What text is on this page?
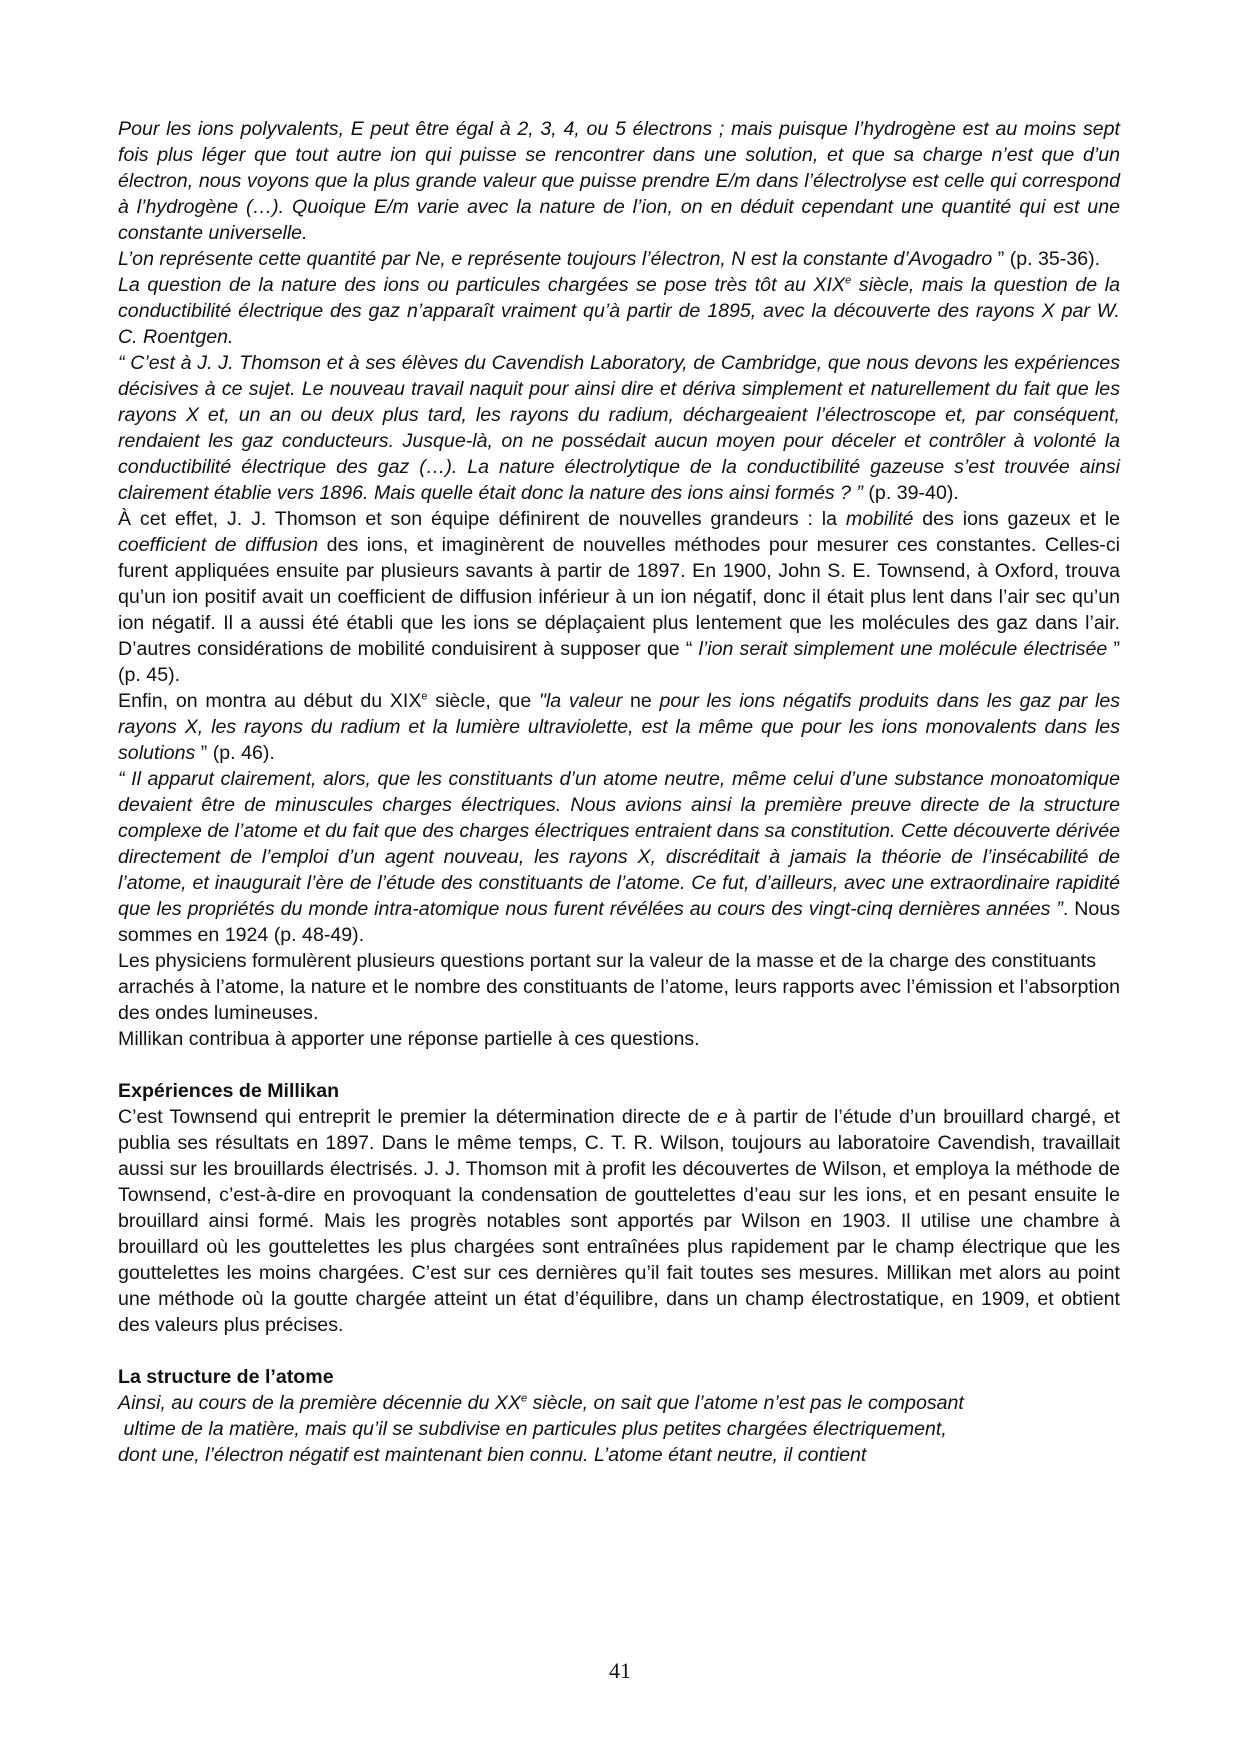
Pour les ions polyvalents, E peut être égal à 2, 3, 4, ou 5 électrons ; mais puisque l’hydrogène est au moins sept fois plus léger que tout autre ion qui puisse se rencontrer dans une solution, et que sa charge n’est que d’un électron, nous voyons que la plus grande valeur que puisse prendre E/m dans l’électrolyse est celle qui correspond à l’hydrogène (…). Quoique E/m varie avec la nature de l’ion, on en déduit cependant une quantité qui est une constante universelle.

L’on représente cette quantité par Ne, e représente toujours l’électron, N est la constante d’Avogadro ” (p. 35-36).

La question de la nature des ions ou particules chargées se pose très tôt au XIXe siècle, mais la question de la conductibilité électrique des gaz n’apparaît vraiment qu’à partir de 1895, avec la découverte des rayons X par W. C. Roentgen.

“ C’est à J. J. Thomson et à ses élèves du Cavendish Laboratory, de Cambridge, que nous devons les expériences décisives à ce sujet. Le nouveau travail naquit pour ainsi dire et dériva simplement et naturellement du fait que les rayons X et, un an ou deux plus tard, les rayons du radium, déchargeaient l’électroscope et, par conséquent, rendaient les gaz conducteurs. Jusque-là, on ne possédait aucun moyen pour déceler et contrôler à volonté la conductibilité électrique des gaz (…). La nature électrolytique de la conductibilité gazeuse s’est trouvée ainsi clairement établie vers 1896. Mais quelle était donc la nature des ions ainsi formés ? ” (p. 39-40).

À cet effet, J. J. Thomson et son équipe définirent de nouvelles grandeurs : la mobilité des ions gazeux et le coefficient de diffusion des ions, et imaginèrent de nouvelles méthodes pour mesurer ces constantes. Celles-ci furent appliquées ensuite par plusieurs savants à partir de 1897. En 1900, John S. E. Townsend, à Oxford, trouva qu’un ion positif avait un coefficient de diffusion inférieur à un ion négatif, donc il était plus lent dans l’air sec qu’un ion négatif. Il a aussi été établi que les ions se déplaçaient plus lentement que les molécules des gaz dans l’air. D’autres considérations de mobilité conduisirent à supposer que “ l’ion serait simplement une molécule électrisée ” (p. 45).

Enfin, on montra au début du XIXe siècle, que "la valeur ne pour les ions négatifs produits dans les gaz par les rayons X, les rayons du radium et la lumière ultraviolette, est la même que pour les ions monovalents dans les solutions ” (p. 46).

“ Il apparut clairement, alors, que les constituants d’un atome neutre, même celui d’une substance monoatomique devaient être de minuscules charges électriques. Nous avions ainsi la première preuve directe de la structure complexe de l’atome et du fait que des charges électriques entraient dans sa constitution. Cette découverte dérivée directement de l’emploi d’un agent nouveau, les rayons X, discréditait à jamais la théorie de l’insécabilité de l’atome, et inaugurait l’ère de l’étude des constituants de l’atome. Ce fut, d’ailleurs, avec une extraordinaire rapidité que les propriétés du monde intra-atomique nous furent révélées au cours des vingt-cinq dernières années ”. Nous sommes en 1924 (p. 48-49).

Les physiciens formulèrent plusieurs questions portant sur la valeur de la masse et de la charge des constituants arrachés à l’atome, la nature et le nombre des constituants de l’atome, leurs rapports avec l’émission et l’absorption des ondes lumineuses.

Millikan contribua à apporter une réponse partielle à ces questions.

Expériences de Millikan

C’est Townsend qui entreprit le premier la détermination directe de e à partir de l’étude d’un brouillard chargé, et publia ses résultats en 1897. Dans le même temps, C. T. R. Wilson, toujours au laboratoire Cavendish, travaillait aussi sur les brouillards électrisés. J. J. Thomson mit à profit les découvertes de Wilson, et employa la méthode de Townsend, c’est-à-dire en provoquant la condensation de gouttelettes d’eau sur les ions, et en pesant ensuite le brouillard ainsi formé. Mais les progrès notables sont apportés par Wilson en 1903. Il utilise une chambre à brouillard où les gouttelettes les plus chargées sont entraînées plus rapidement par le champ électrique que les gouttelettes les moins chargées. C’est sur ces dernières qu’il fait toutes ses mesures. Millikan met alors au point une méthode où la goutte chargée atteint un état d’équilibre, dans un champ électrostatique, en 1909, et obtient des valeurs plus précises.

La structure de l’atome

Ainsi, au cours de la première décennie du XXe siècle, on sait que l’atome n’est pas le composant
ultime de la matière, mais qu’il se subdivise en particules plus petites chargées électriquement,
dont une, l’électron négatif est maintenant bien connu. L’atome étant neutre, il contient

41
